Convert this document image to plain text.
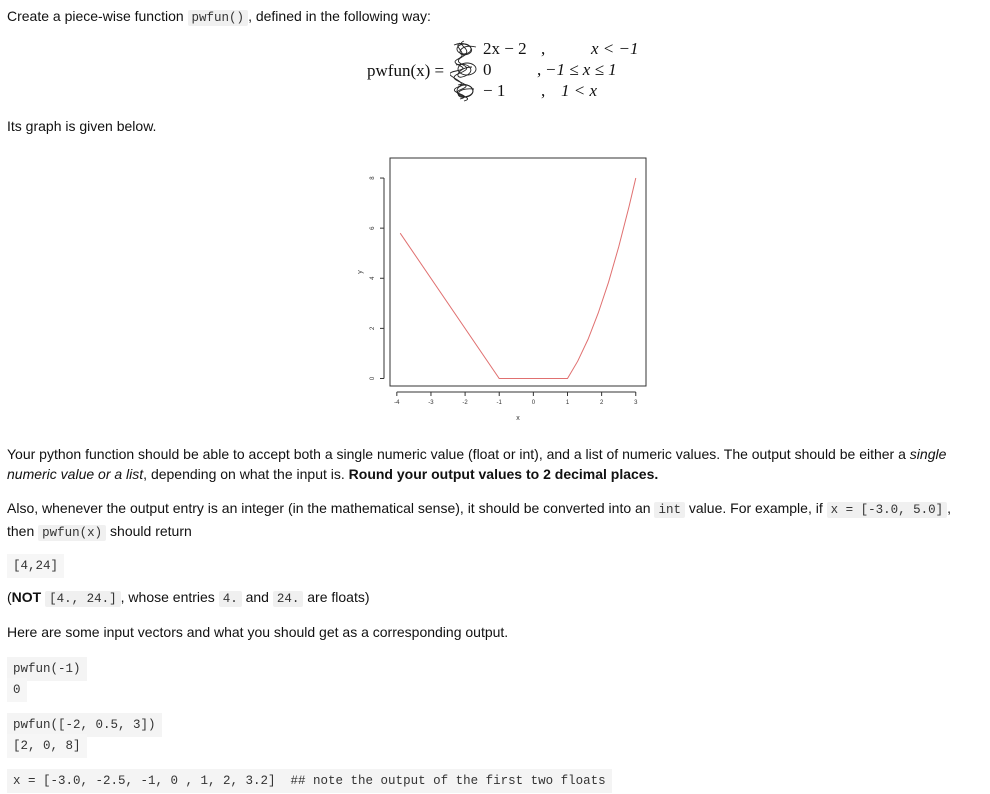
Create a piece-wise function pwfun() , defined in the following way:
pwfun(x) =
2x − 2 ,	x < −1
0	, −1 ≤ x ≤ 1
− 1 , 1 < x
Its graph is given below.
-4	-3	-2	-1	0	1	2	3
0
2
4
6
8
x
y
Your python function should be able to accept both a single numeric value (float or int), and a list of numeric values. The output should be either a single
numeric value or a list, depending on what the input is. Round your output values to 2 decimal places.
Also, whenever the output entry is an integer (in the mathematical sense), it should be converted into an int value. For example, if x = [-3.0, 5.0] ,
then pwfun(x) should return
[4,24]
(NOT [4., 24.] , whose entries 4. and 24. are floats)
Here are some input vectors and what you should get as a corresponding output.
pwfun(-1)
0
pwfun([-2, 0.5, 3])
[2, 0, 8]
x = [-3.0, -2.5, -1, 0 , 1, 2, 3.2]  ## note the output of the first two floats
